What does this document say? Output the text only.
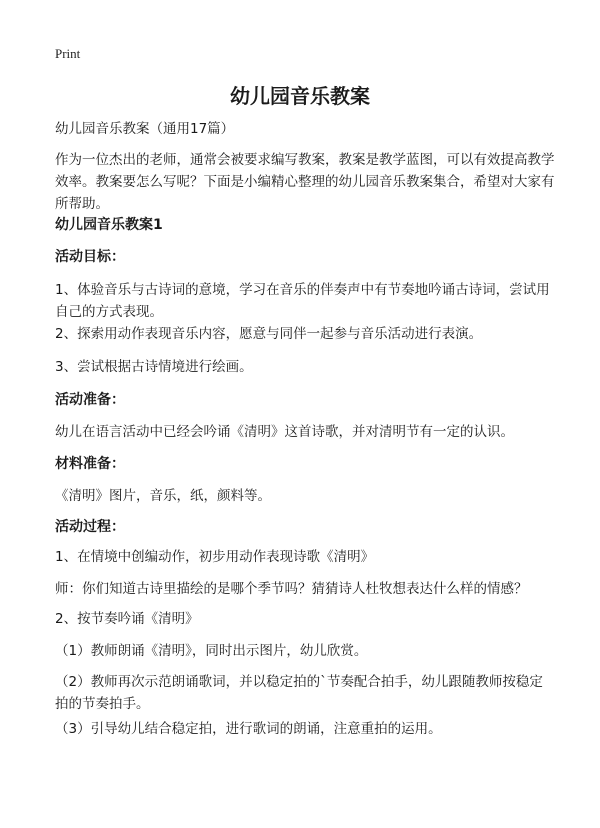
Print
幼儿园音乐教案

幼儿园音乐教案（通用17篇）

作为一位杰出的老师，通常会被要求编写教案，教案是教学蓝图，可以有效提高教学效率。教案要怎么写呢？下面是小编精心整理的幼儿园音乐教案集合，希望对大家有所帮助。

幼儿园音乐教案1

活动目标：

1、体验音乐与古诗词的意境，学习在音乐的伴奏声中有节奏地吟诵古诗词，尝试用自己的方式表现。

2、探索用动作表现音乐内容，愿意与同伴一起参与音乐活动进行表演。

3、尝试根据古诗情境进行绘画。

活动准备：

幼儿在语言活动中已经会吟诵《清明》这首诗歌，并对清明节有一定的认识。

材料准备：

《清明》图片，音乐，纸，颜料等。

活动过程：

1、在情境中创编动作，初步用动作表现诗歌《清明》

师：你们知道古诗里描绘的是哪个季节吗？猜猜诗人杜牧想表达什么样的情感？

2、按节奏吟诵《清明》

（1）教师朗诵《清明》，同时出示图片，幼儿欣赏。

（2）教师再次示范朗诵歌词，并以稳定拍的`节奏配合拍手，幼儿跟随教师按稳定拍的节奏拍手。

（3）引导幼儿结合稳定拍，进行歌词的朗诵，注意重拍的运用。
